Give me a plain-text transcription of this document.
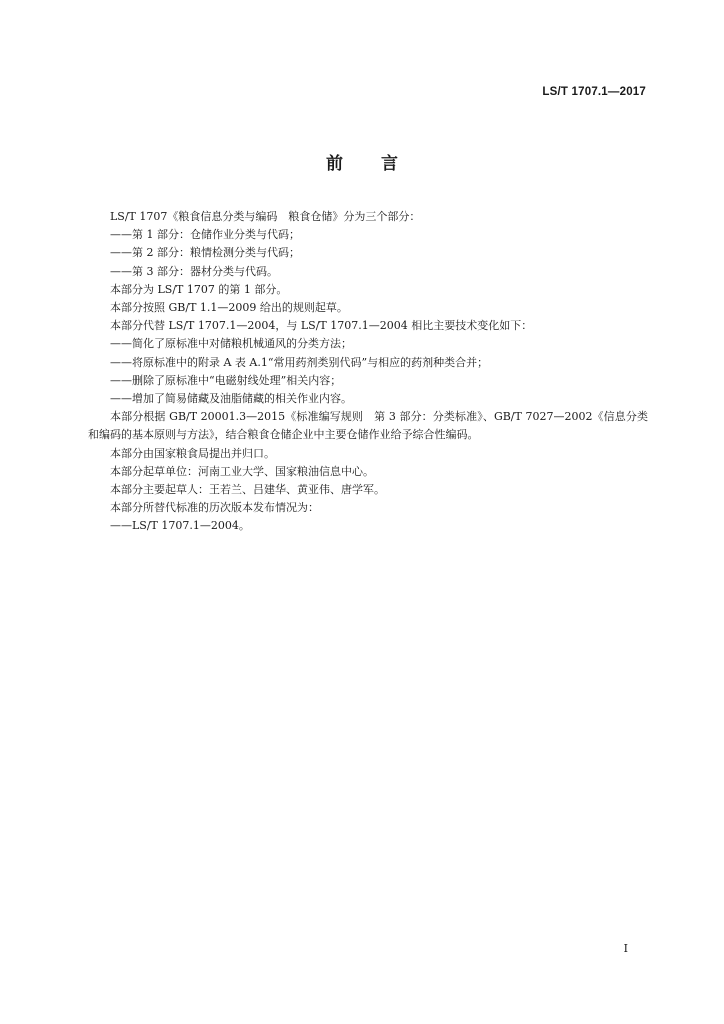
LS/T 1707.1—2017
前言

LS/T 1707《粮食信息分类与编码　粮食仓储》分为三个部分：

——第 1 部分：仓储作业分类与代码；

——第 2 部分：粮情检测分类与代码；

——第 3 部分：器材分类与代码。

本部分为 LS/T 1707 的第 1 部分。

本部分按照 GB/T 1.1—2009 给出的规则起草。

本部分代替 LS/T 1707.1—2004，与 LS/T 1707.1—2004 相比主要技术变化如下：

——简化了原标准中对储粮机械通风的分类方法；

——将原标准中的附录 A 表 A.1“常用药剂类别代码”与相应的药剂种类合并；

——删除了原标准中“电磁射线处理”相关内容；

——增加了简易储藏及油脂储藏的相关作业内容。

本部分根据 GB/T 20001.3—2015《标准编写规则　第 3 部分：分类标准》、GB/T 7027—2002《信息分类和编码的基本原则与方法》，结合粮食仓储企业中主要仓储作业给予综合性编码。

本部分由国家粮食局提出并归口。

本部分起草单位：河南工业大学、国家粮油信息中心。

本部分主要起草人：王若兰、吕建华、黄亚伟、唐学军。

本部分所替代标准的历次版本发布情况为：

——LS/T 1707.1—2004。

I
